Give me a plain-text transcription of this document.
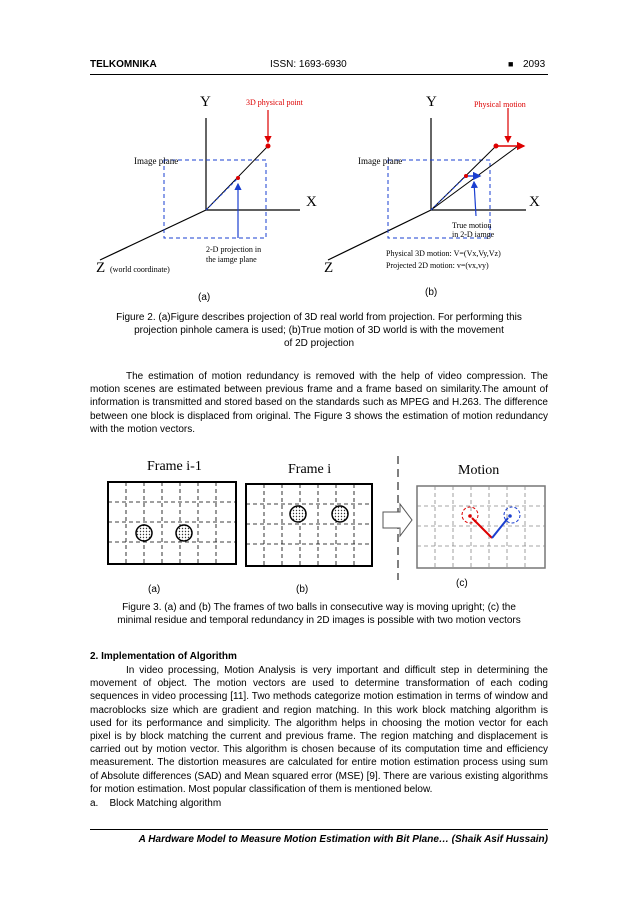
TELKOMNIKA	ISSN: 1693-6930	■ 2093
Y
X
Z (world coordinate)
Image plane
3D physical point
2-D projection in
the iamge plane
(a)
Y
X
Z
Image plane
Physical motion
True motion
in 2-D iamge
Physical 3D motion: V=(Vx,Vy,Vz)
Projected 2D motion: v=(vx,vy)
(b)
Figure 2. (a)Figure describes projection of 3D real world from projection. For performing this
projection pinhole camera is used; (b)True motion of 3D world is with the movement
of 2D projection
The estimation of motion redundancy is removed with the help of video compression. The motion scenes are estimated between previous frame and a frame based on similarity.The amount of information is transmitted and stored based on the standards such as MPEG and H.263. The difference between one block is displaced from original. The Figure 3 shows the estimation of motion redundancy with the motion vectors.
Frame i-1	Frame i	Motion
(a)	(b)
(c)
Figure 3. (a) and (b) The frames of two balls in consecutive way is moving upright; (c) the
minimal residue and temporal redundancy in 2D images is possible with two motion vectors
2. Implementation of Algorithm
In video processing, Motion Analysis is very important and difficult step in determining the movement of object. The motion vectors are used to determine transformation of each coding sequences in video processing [11]. Two methods categorize motion estimation in terms of window and macroblocks size which are gradient and region matching. In this work block matching algorithm is used for its performance and simplicity. The algorithm helps in choosing the motion vector for each pixel is by block matching the current and previous frame. The region matching and displacement is carried out by motion vector. This algorithm is chosen because of its computation time and efficiency measurement. The distortion measures are calculated for entire motion estimation process using sum of Absolute differences (SAD) and Mean squared error (MSE) [9]. There are various existing algorithms for motion estimation. Most popular classification of them is mentioned below.
a.    Block Matching algorithm
A Hardware Model to Measure Motion Estimation with Bit Plane… (Shaik Asif Hussain)
